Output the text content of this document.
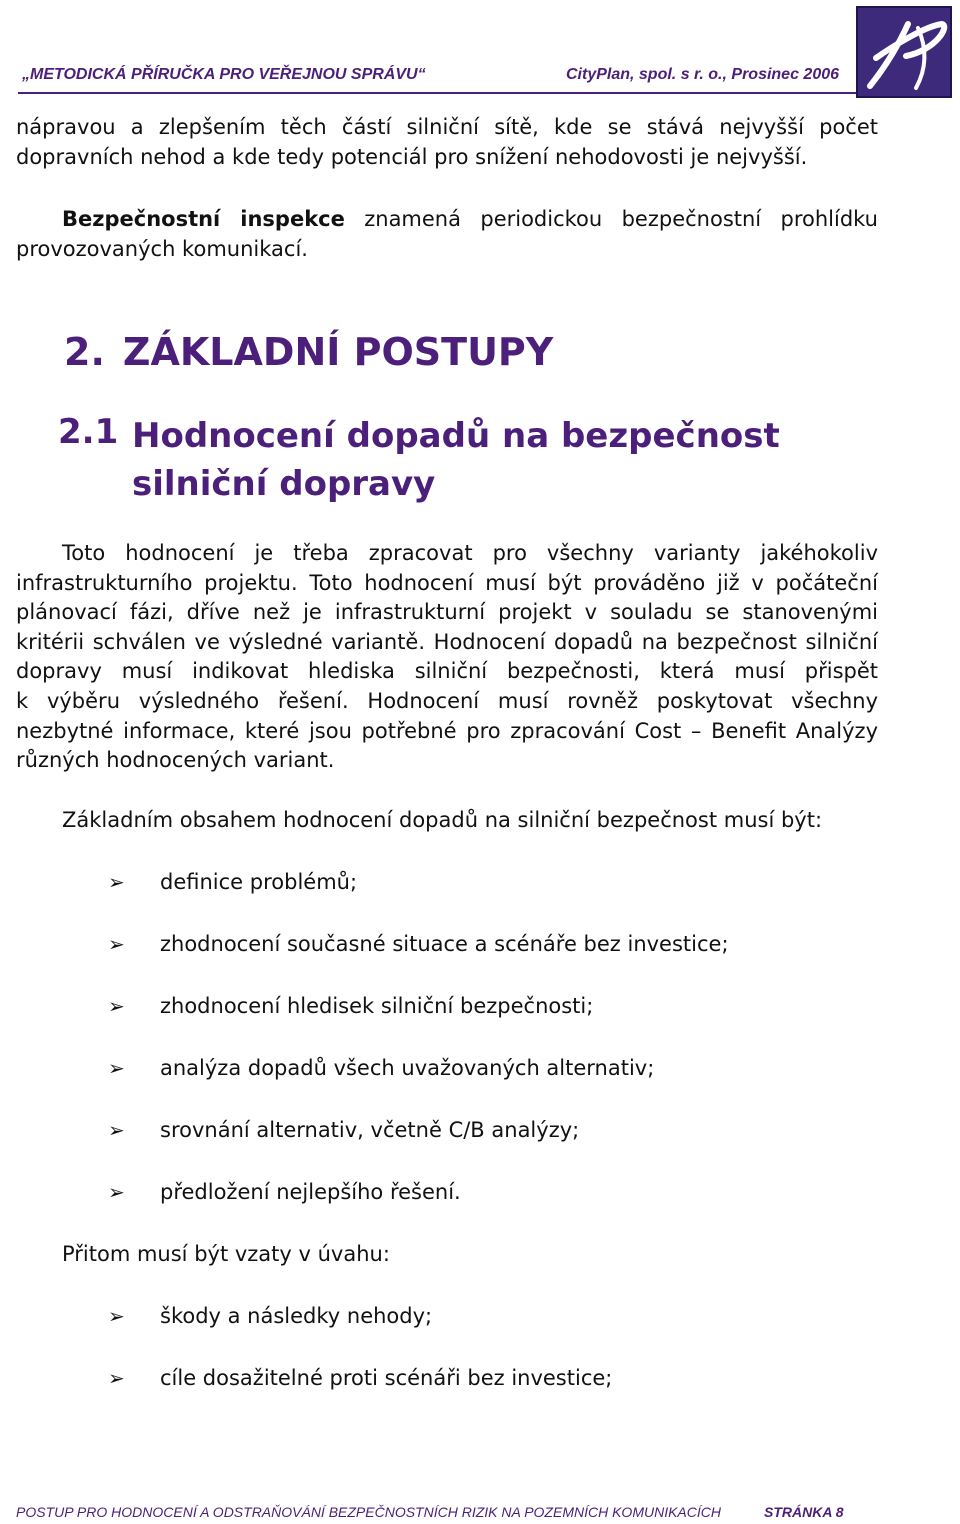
„METODICKÁ PŘÍRUČKA PRO VEŘEJNOU SPRÁVU“	CityPlan, spol. s r. o., Prosinec 2006
nápravou a zlepšením těch částí silniční sítě, kde se stává nejvyšší počet
dopravních nehod a kde tedy potenciál pro snížení nehodovosti je nejvyšší.
Bezpečnostní inspekce znamená periodickou bezpečnostní prohlídku
provozovaných komunikací.
2. ZÁKLADNÍ POSTUPY
2.1 Hodnocení dopadů na bezpečnost silniční dopravy
Toto hodnocení je třeba zpracovat pro všechny varianty jakéhokoliv
infrastrukturního projektu. Toto hodnocení musí být prováděno již v počáteční
plánovací fázi, dříve než je infrastrukturní projekt v souladu se stanovenými
kritérii schválen ve výsledné variantě. Hodnocení dopadů na bezpečnost silniční
dopravy musí indikovat hlediska silniční bezpečnosti, která musí přispět
k výběru výsledného řešení. Hodnocení musí rovněž poskytovat všechny
nezbytné informace, které jsou potřebné pro zpracování Cost – Benefit Analýzy
různých hodnocených variant.
Základním obsahem hodnocení dopadů na silniční bezpečnost musí být:
➢ definice problémů;
➢ zhodnocení současné situace a scénáře bez investice;
➢ zhodnocení hledisek silniční bezpečnosti;
➢ analýza dopadů všech uvažovaných alternativ;
➢ srovnání alternativ, včetně C/B analýzy;
➢ předložení nejlepšího řešení.
Přitom musí být vzaty v úvahu:
➢ škody a následky nehody;
➢ cíle dosažitelné proti scénáři bez investice;
POSTUP PRO HODNOCENÍ A ODSTRAŇOVÁNÍ BEZPEČNOSTNÍCH RIZIK NA POZEMNÍCH KOMUNIKACÍCH	STRÁNKA 8
